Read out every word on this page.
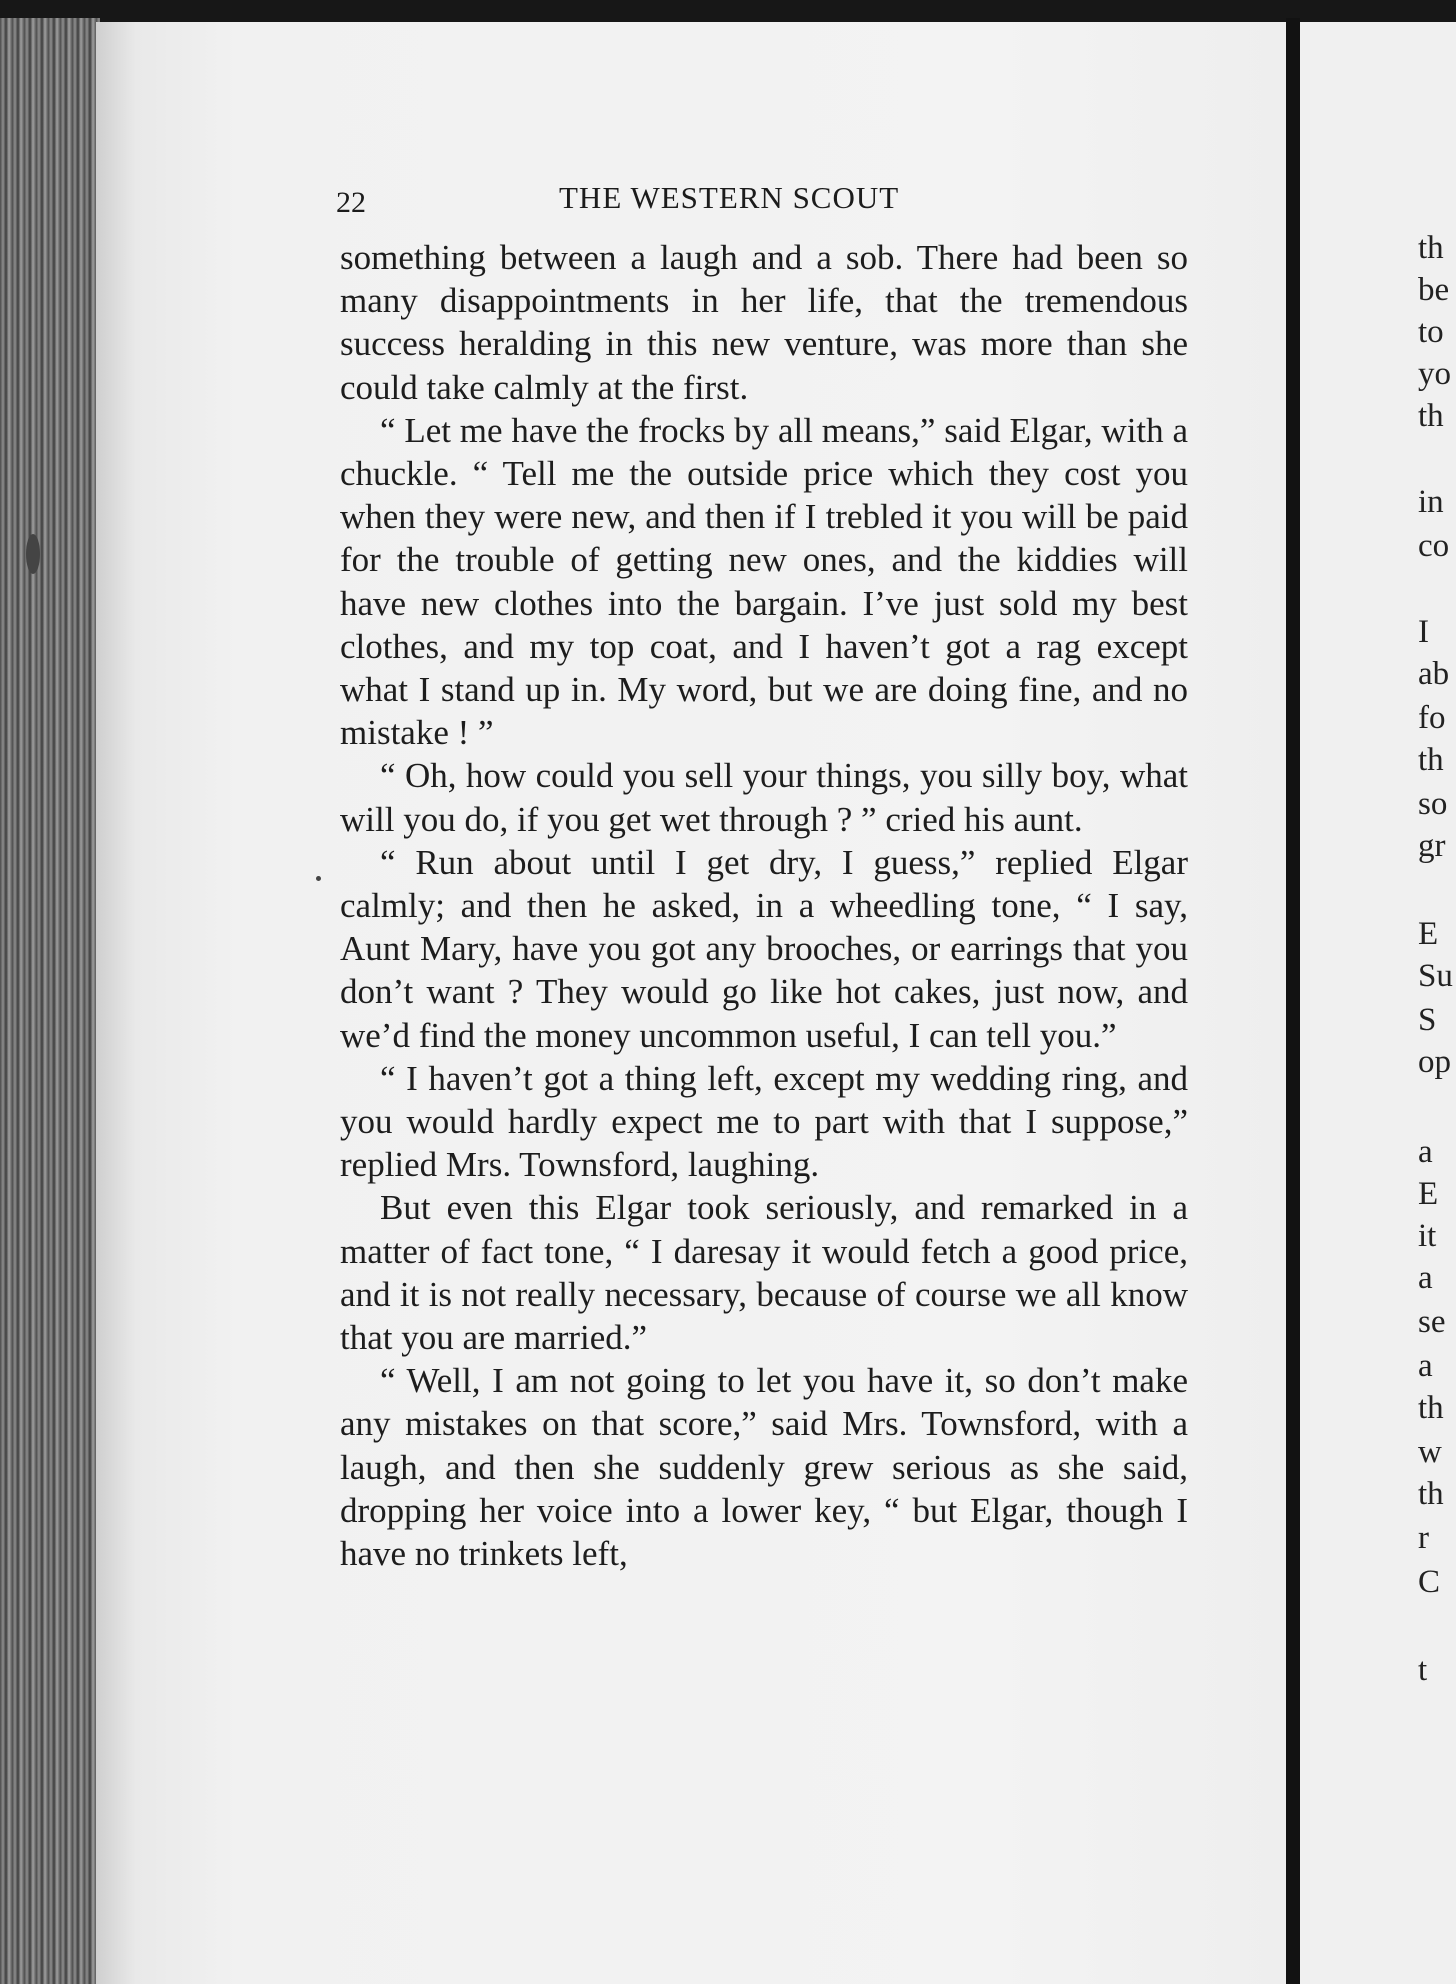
22	THE WESTERN SCOUT

something between a laugh and a sob. There had been so many disappointments in her life, that the tremendous success heralding in this new venture, was more than she could take calmly at the first.

“ Let me have the frocks by all means,” said Elgar, with a chuckle. “ Tell me the outside price which they cost you when they were new, and then if I trebled it you will be paid for the trouble of getting new ones, and the kiddies will have new clothes into the bargain. I’ve just sold my best clothes, and my top coat, and I haven’t got a rag except what I stand up in. My word, but we are doing fine, and no mistake ! ”

“ Oh, how could you sell your things, you silly boy, what will you do, if you get wet through ? ” cried his aunt.

“ Run about until I get dry, I guess,” replied Elgar calmly; and then he asked, in a wheedling tone, “ I say, Aunt Mary, have you got any brooches, or earrings that you don’t want ? They would go like hot cakes, just now, and we’d find the money uncommon useful, I can tell you.”

“ I haven’t got a thing left, except my wedding ring, and you would hardly expect me to part with that I suppose,” replied Mrs. Townsford, laughing.

But even this Elgar took seriously, and remarked in a matter of fact tone, “ I daresay it would fetch a good price, and it is not really necessary, because of course we all know that you are married.”

“ Well, I am not going to let you have it, so don’t make any mistakes on that score,” said Mrs. Townsford, with a laugh, and then she suddenly grew serious as she said, dropping her voice into a lower key, “ but Elgar, though I have no trinkets left,

th
be
to
yo
th
in
co
I
ab
fo
th
so
gr
E
Su
S
op
a
E
it
a
se
a
th
w
th
r
C
t
